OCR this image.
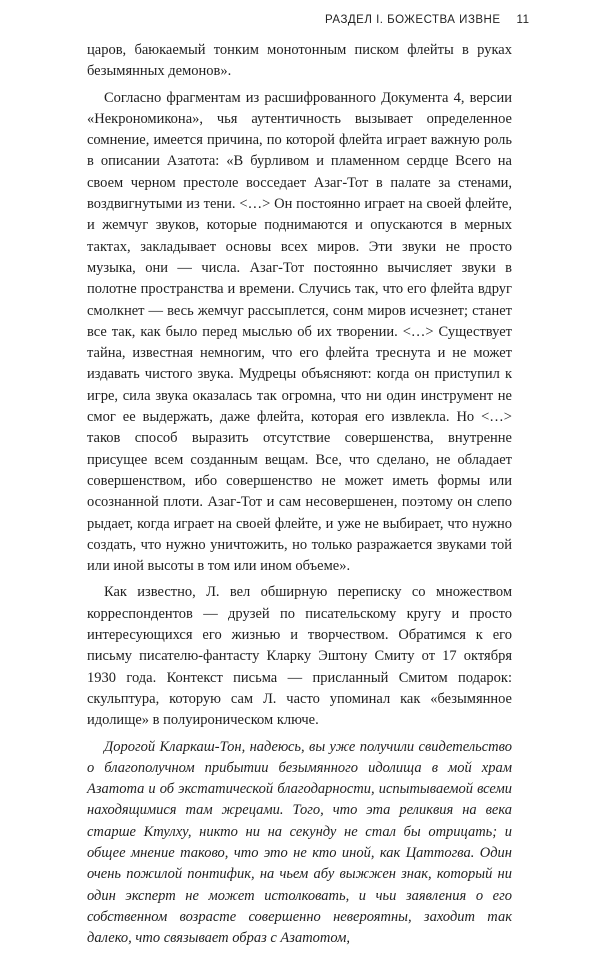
РАЗДЕЛ I. БОЖЕСТВА ИЗВНЕ 11

царов, баюкаемый тонким монотонным писком флейты в руках безымянных демонов».

Согласно фрагментам из расшифрованного Документа 4, версии «Некрономикона», чья аутентичность вызывает определенное сомнение, имеется причина, по которой флейта играет важную роль в описании Азатота: «В бурливом и пламенном сердце Всего на своем черном престоле восседает Азаг-Тот в палате за стенами, воздвигнутыми из тени. <…> Он постоянно играет на своей флейте, и жемчуг звуков, которые поднимаются и опускаются в мерных тактах, закладывает основы всех миров. Эти звуки не просто музыка, они — числа. Азаг-Тот постоянно вычисляет звуки в полотне пространства и времени. Случись так, что его флейта вдруг смолкнет — весь жемчуг рассыплется, сонм миров исчезнет; станет все так, как было перед мыслью об их творении. <…> Существует тайна, известная немногим, что его флейта треснута и не может издавать чистого звука. Мудрецы объясняют: когда он приступил к игре, сила звука оказалась так огромна, что ни один инструмент не смог ее выдержать, даже флейта, которая его извлекла. Но <…> таков способ выразить отсутствие совершенства, внутренне присущее всем созданным вещам. Все, что сделано, не обладает совершенством, ибо совершенство не может иметь формы или осознанной плоти. Азаг-Тот и сам несовершенен, поэтому он слепо рыдает, когда играет на своей флейте, и уже не выбирает, что нужно создать, что нужно уничтожить, но только разражается звуками той или иной высоты в том или ином объеме».

Как известно, Л. вел обширную переписку со множеством корреспондентов — друзей по писательскому кругу и просто интересующихся его жизнью и творчеством. Обратимся к его письму писателю-фантасту Кларку Эштону Смиту от 17 октября 1930 года. Контекст письма — присланный Смитом подарок: скульптура, которую сам Л. часто упоминал как «безымянное идолище» в полуироническом ключе.

Дорогой Кларкаш-Тон, надеюсь, вы уже получили свидетельство о благополучном прибытии безымянного идолища в мой храм Азатота и об экстатической благодарности, испытываемой всеми находящимися там жрецами. Того, что эта реликвия на века старше Ктулху, никто ни на секунду не стал бы отрицать; и общее мнение таково, что это не кто иной, как Цаттогва. Один очень пожилой понтифик, на чьем абу выжжен знак, который ни один эксперт не может истолковать, и чьи заявления о его собственном возрасте совершенно невероятны, заходит так далеко, что связывает образ с Азатотом,
